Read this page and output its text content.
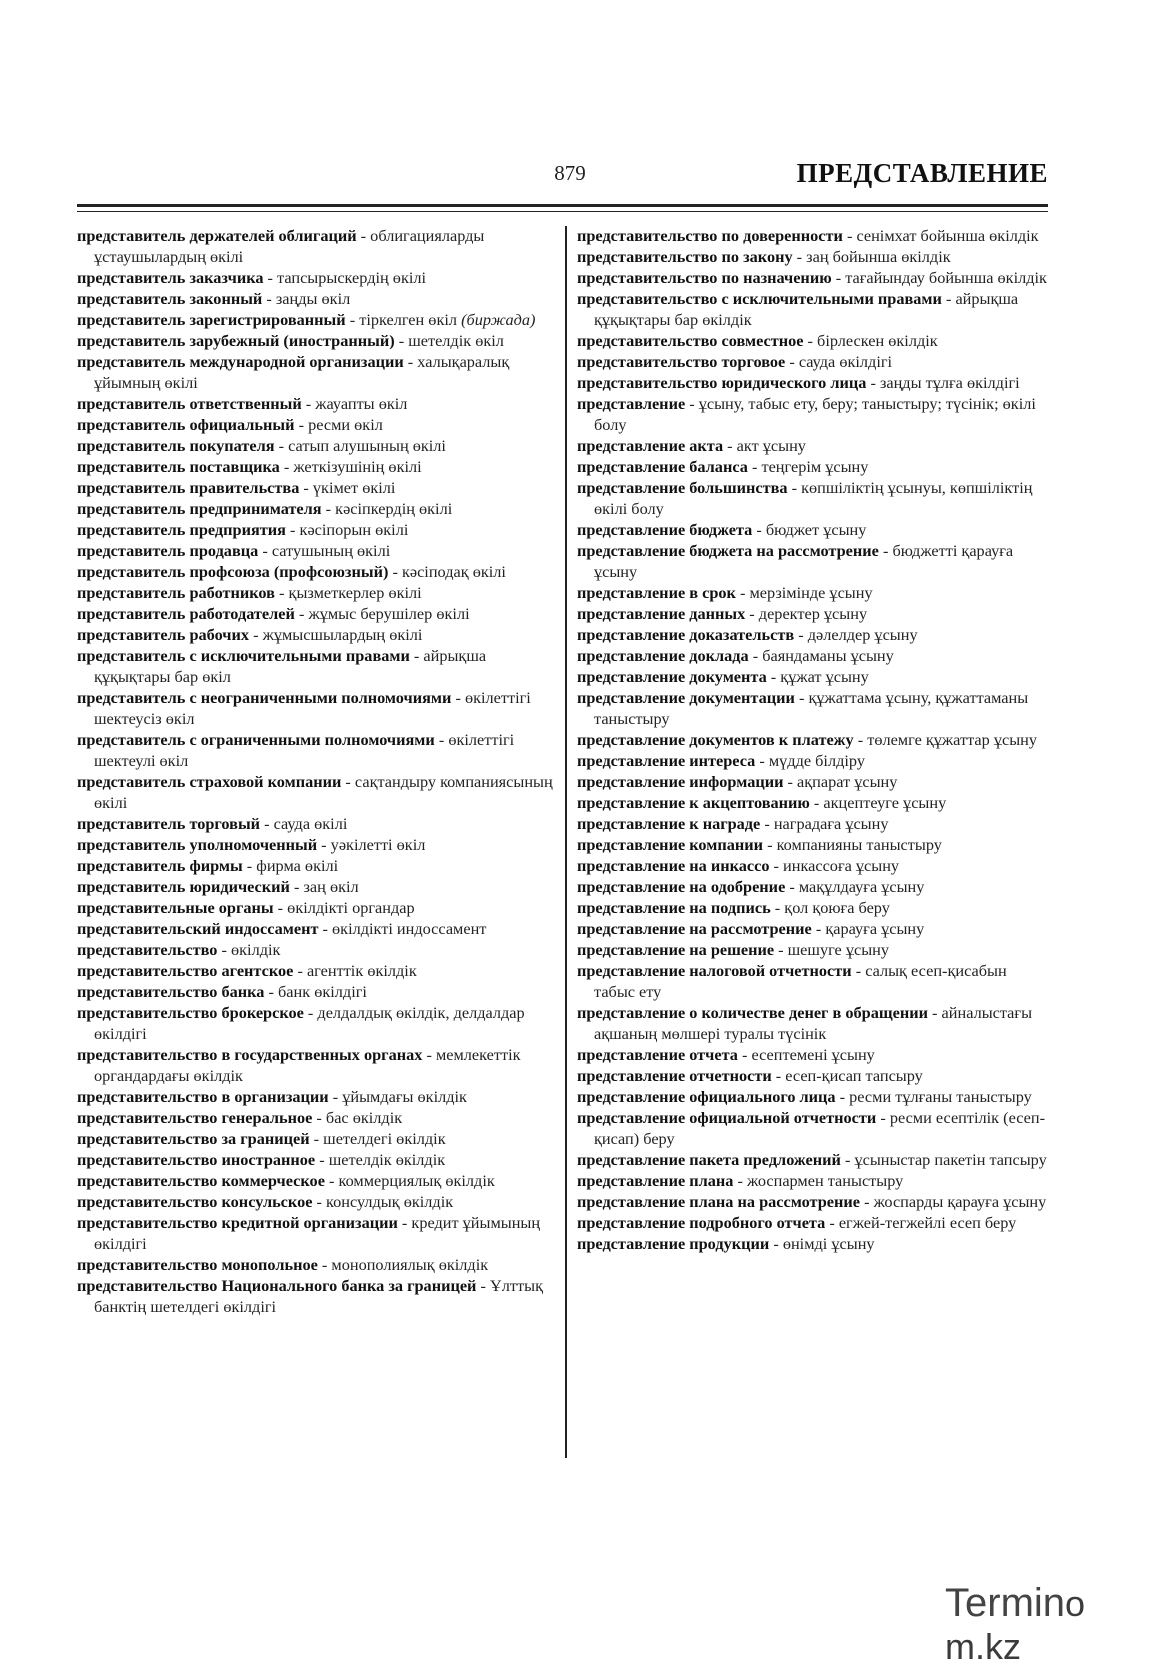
879	ПРЕДСТАВЛЕНИЕ

представитель держателей облигаций - облигацияларды ұстаушылардың өкілі

представитель заказчика - тапсырыскердің өкілі

представитель законный - заңды өкіл

представитель зарегистрированный - тіркелген өкіл (биржада)

представитель зарубежный (иностранный) - шетелдік өкіл

представитель международной организации - халықаралық ұйымның өкілі

представитель ответственный - жауапты өкіл

представитель официальный - ресми өкіл

представитель покупателя - сатып алушының өкілі

представитель поставщика - жеткізушінің өкілі

представитель правительства - үкімет өкілі

представитель предпринимателя - кәсіпкердің өкілі

представитель предприятия - кәсіпорын өкілі

представитель продавца - сатушының өкілі

представитель профсоюза (профсоюзный) - кәсіподақ өкілі

представитель работников - қызметкерлер өкілі

представитель работодателей - жұмыс берушілер өкілі

представитель рабочих - жұмысшылардың өкілі

представитель с исключительными правами - айрықша құқықтары бар өкіл

представитель с неограниченными полномочиями - өкілеттігі шектеусіз өкіл

представитель с ограниченными полномочиями - өкілеттігі шектеулі өкіл

представитель страховой компании - сақтандыру компаниясының өкілі

представитель торговый - сауда өкілі

представитель уполномоченный - уәкілетті өкіл

представитель фирмы - фирма өкілі

представитель юридический - заң өкіл

представительные органы - өкілдікті органдар

представительский индоссамент - өкілдікті индоссамент

представительство - өкілдік

представительство агентское - агенттік өкілдік

представительство банка - банк өкілдігі

представительство брокерское - делдалдық өкілдік, делдалдар өкілдігі

представительство в государственных органах - мемлекеттік органдардағы өкілдік

представительство в организации - ұйымдағы өкілдік

представительство генеральное - бас өкілдік

представительство за границей - шетелдегі өкілдік

представительство иностранное - шетелдік өкілдік

представительство коммерческое - коммерциялық өкілдік

представительство консульское - консулдық өкілдік

представительство кредитной организации - кредит ұйымының өкілдігі

представительство монопольное - монополиялық өкілдік

представительство Национального банка за границей - Ұлттық банктің шетелдегі өкілдігі

представительство по доверенности - сенімхат бойынша өкілдік

представительство по закону - заң бойынша өкілдік

представительство по назначению - тағайындау бойынша өкілдік

представительство с исключительными правами - айрықша құқықтары бар өкілдік

представительство совместное - бірлескен өкілдік

представительство торговое - сауда өкілдігі

представительство юридического лица - заңды тұлға өкілдігі

представление - ұсыну, табыс ету, беру; таныстыру; түсінік; өкілі болу

представление акта - акт ұсыну

представление баланса - теңгерім ұсыну

представление большинства - көпшіліктің ұсынуы, көпшіліктің өкілі болу

представление бюджета - бюджет ұсыну

представление бюджета на рассмотрение - бюджетті қарауға ұсыну

представление в срок - мерзімінде ұсыну

представление данных - деректер ұсыну

представление доказательств - дәлелдер ұсыну

представление доклада - баяндаманы ұсыну

представление документа - құжат ұсыну

представление документации - құжаттама ұсыну, құжаттаманы таныстыру

представление документов к платежу - төлемге құжаттар ұсыну

представление интереса - мүдде білдіру

представление информации - ақпарат ұсыну

представление к акцептованию - акцептеуге ұсыну

представление к награде - наградаға ұсыну

представление компании - компанияны таныстыру

представление на инкассо - инкассоға ұсыну

представление на одобрение - мақұлдауға ұсыну

представление на подпись - қол қоюға беру

представление на рассмотрение - қарауға ұсыну

представление на решение - шешуге ұсыну

представление налоговой отчетности - салық есеп-қисабын табыс ету

представление о количестве денег в обращении - айналыстағы ақшаның мөлшері туралы түсінік

представление отчета - есептемені ұсыну

представление отчетности - есеп-қисап тапсыру

представление официального лица - ресми тұлғаны таныстыру

представление официальной отчетности - ресми есептілік (есеп-қисап) беру

представление пакета предложений - ұсыныстар пакетін тапсыру

представление плана - жоспармен таныстыру

представление плана на рассмотрение - жоспарды қарауға ұсыну

представление подробного отчета - егжей-тегжейлі есеп беру

представление продукции - өнімді ұсыну

Terminom.kz
